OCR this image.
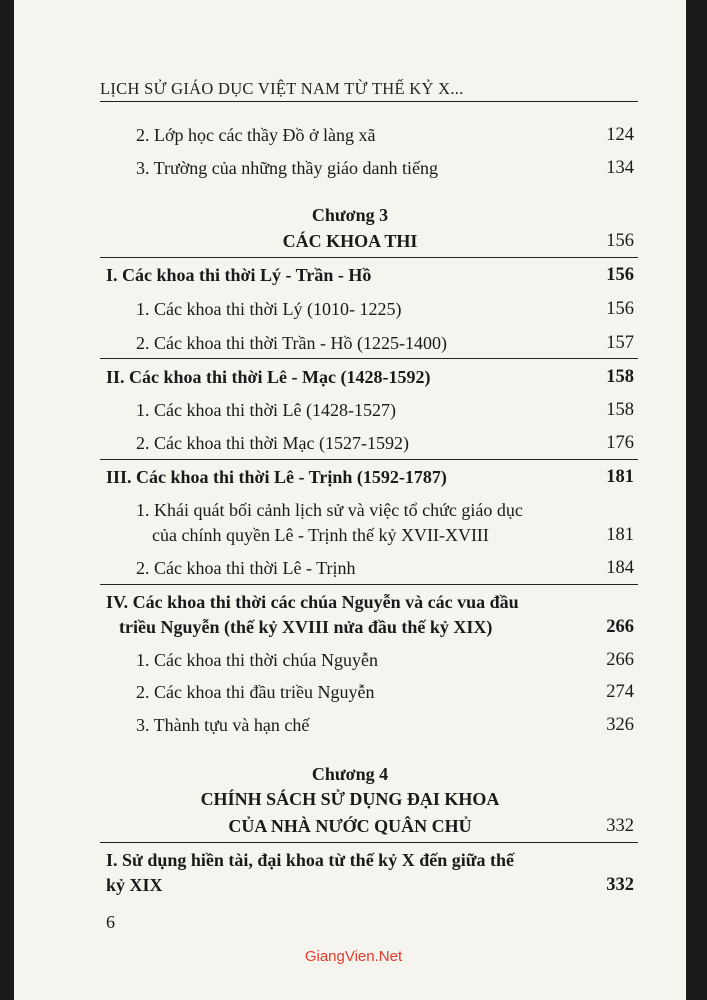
LỊCH SỬ GIÁO DỤC VIỆT NAM TỪ THẾ KỶ X...
2. Lớp học các thầy Đồ ở làng xã	124
3. Trường của những thầy giáo danh tiếng	134
Chương 3
CÁC KHOA THI	156
I. Các khoa thi thời Lý - Trần - Hồ	156
1. Các khoa thi thời Lý (1010- 1225)	156
2. Các khoa thi thời Trần - Hồ (1225-1400)	157
II. Các khoa thi thời Lê - Mạc (1428-1592)	158
1. Các khoa thi thời Lê (1428-1527)	158
2. Các khoa thi thời Mạc (1527-1592)	176
III. Các khoa thi thời Lê - Trịnh (1592-1787)	181
1. Khái quát bối cảnh lịch sử và việc tổ chức giáo dục
của chính quyền Lê - Trịnh thế kỷ XVII-XVIII	181
2. Các khoa thi thời Lê - Trịnh	184
IV. Các khoa thi thời các chúa Nguyễn và các vua đầu
triều Nguyễn (thế kỷ XVIII nửa đầu thế kỷ XIX)	266
1. Các khoa thi thời chúa Nguyễn	266
2. Các khoa thi đầu triều Nguyễn	274
3. Thành tựu và hạn chế	326
Chương 4
CHÍNH SÁCH SỬ DỤNG ĐẠI KHOA
CỦA NHÀ NƯỚC QUÂN CHỦ	332
I. Sử dụng hiền tài, đại khoa từ thế kỷ X đến giữa thế
kỷ XIX	332
6
GiangVien.Net
